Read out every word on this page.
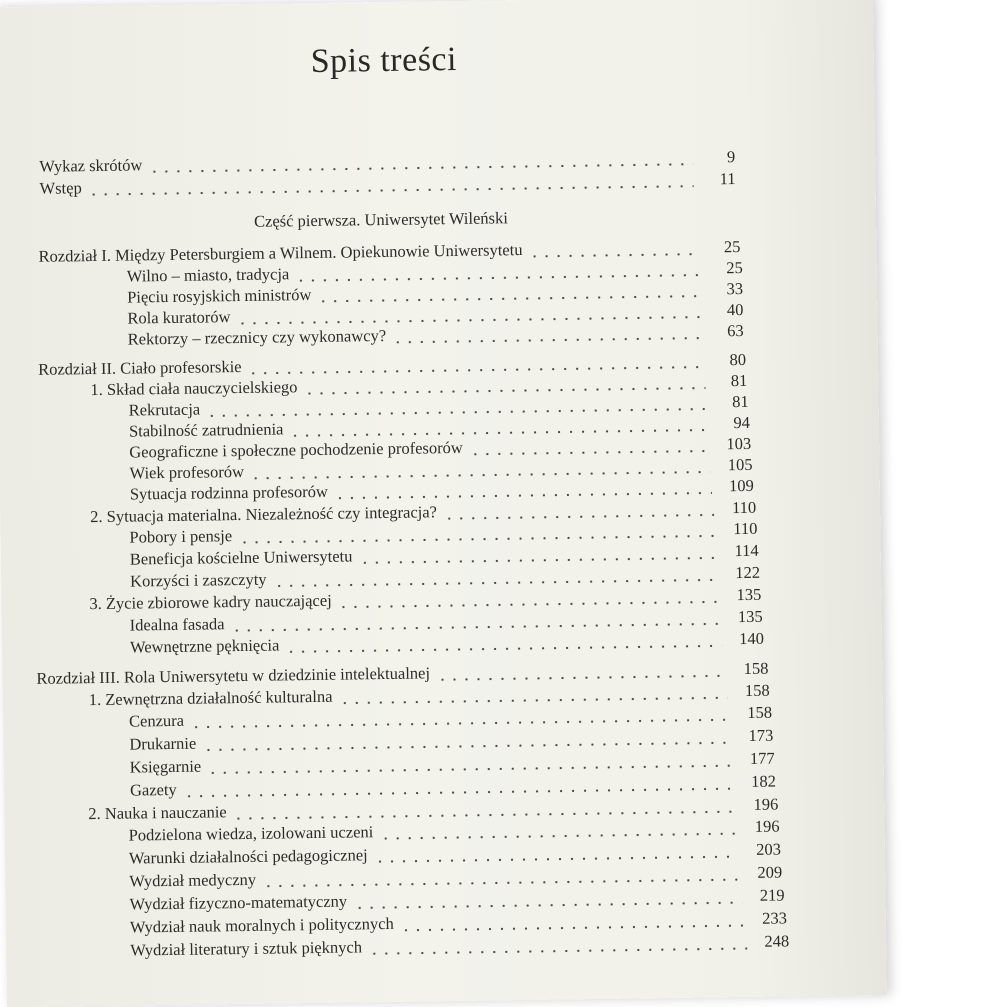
Spis treści
Wykaz skrótów	9
Wstęp	11
Część pierwsza. Uniwersytet Wileński
Rozdział I. Między Petersburgiem a Wilnem. Opiekunowie Uniwersytetu	25
Wilno – miasto, tradycja	25
Pięciu rosyjskich ministrów	33
Rola kuratorów	40
Rektorzy – rzecznicy czy wykonawcy?	63
Rozdział II. Ciało profesorskie	80
1. Skład ciała nauczycielskiego	81
Rekrutacja	81
Stabilność zatrudnienia	94
Geograficzne i społeczne pochodzenie profesorów	103
Wiek profesorów	105
Sytuacja rodzinna profesorów	109
2. Sytuacja materialna. Niezależność czy integracja?	110
Pobory i pensje	110
Beneficja kościelne Uniwersytetu	114
Korzyści i zaszczyty	122
3. Życie zbiorowe kadry nauczającej	135
Idealna fasada	135
Wewnętrzne pęknięcia	140
Rozdział III. Rola Uniwersytetu w dziedzinie intelektualnej	158
1. Zewnętrzna działalność kulturalna	158
Cenzura	158
Drukarnie	173
Księgarnie	177
Gazety	182
2. Nauka i nauczanie	196
Podzielona wiedza, izolowani uczeni	196
Warunki działalności pedagogicznej	203
Wydział medyczny	209
Wydział fizyczno-matematyczny	219
Wydział nauk moralnych i politycznych	233
Wydział literatury i sztuk pięknych	248
